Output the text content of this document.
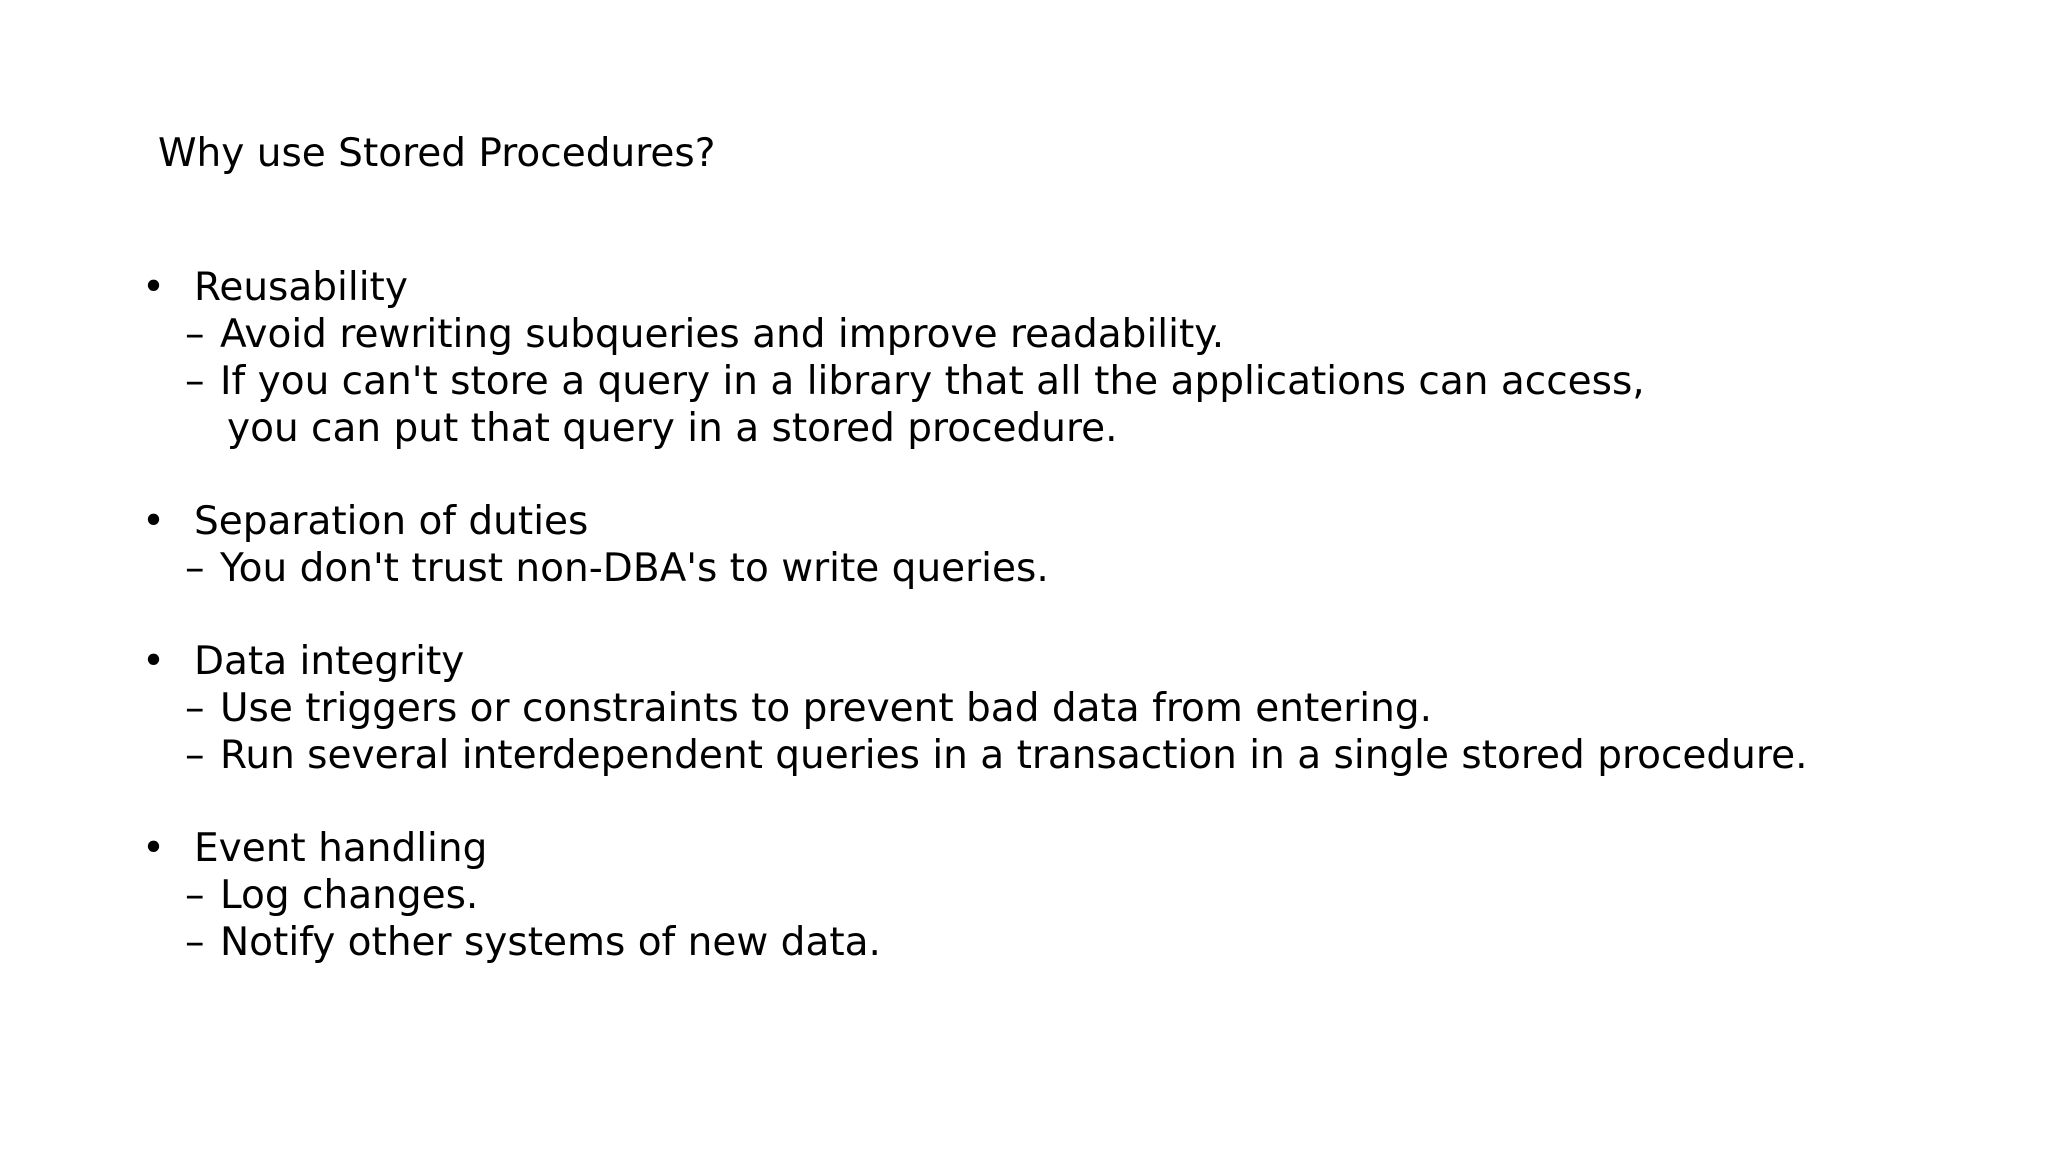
Why use Stored Procedures?
• Reusability
– Avoid rewriting subqueries and improve readability.
– If you can't store a query in a library that all the applications can access,
you can put that query in a stored procedure.
• Separation of duties
– You don't trust non-DBA's to write queries.
• Data integrity
– Use triggers or constraints to prevent bad data from entering.
– Run several interdependent queries in a transaction in a single stored procedure.
• Event handling
– Log changes.
– Notify other systems of new data.
